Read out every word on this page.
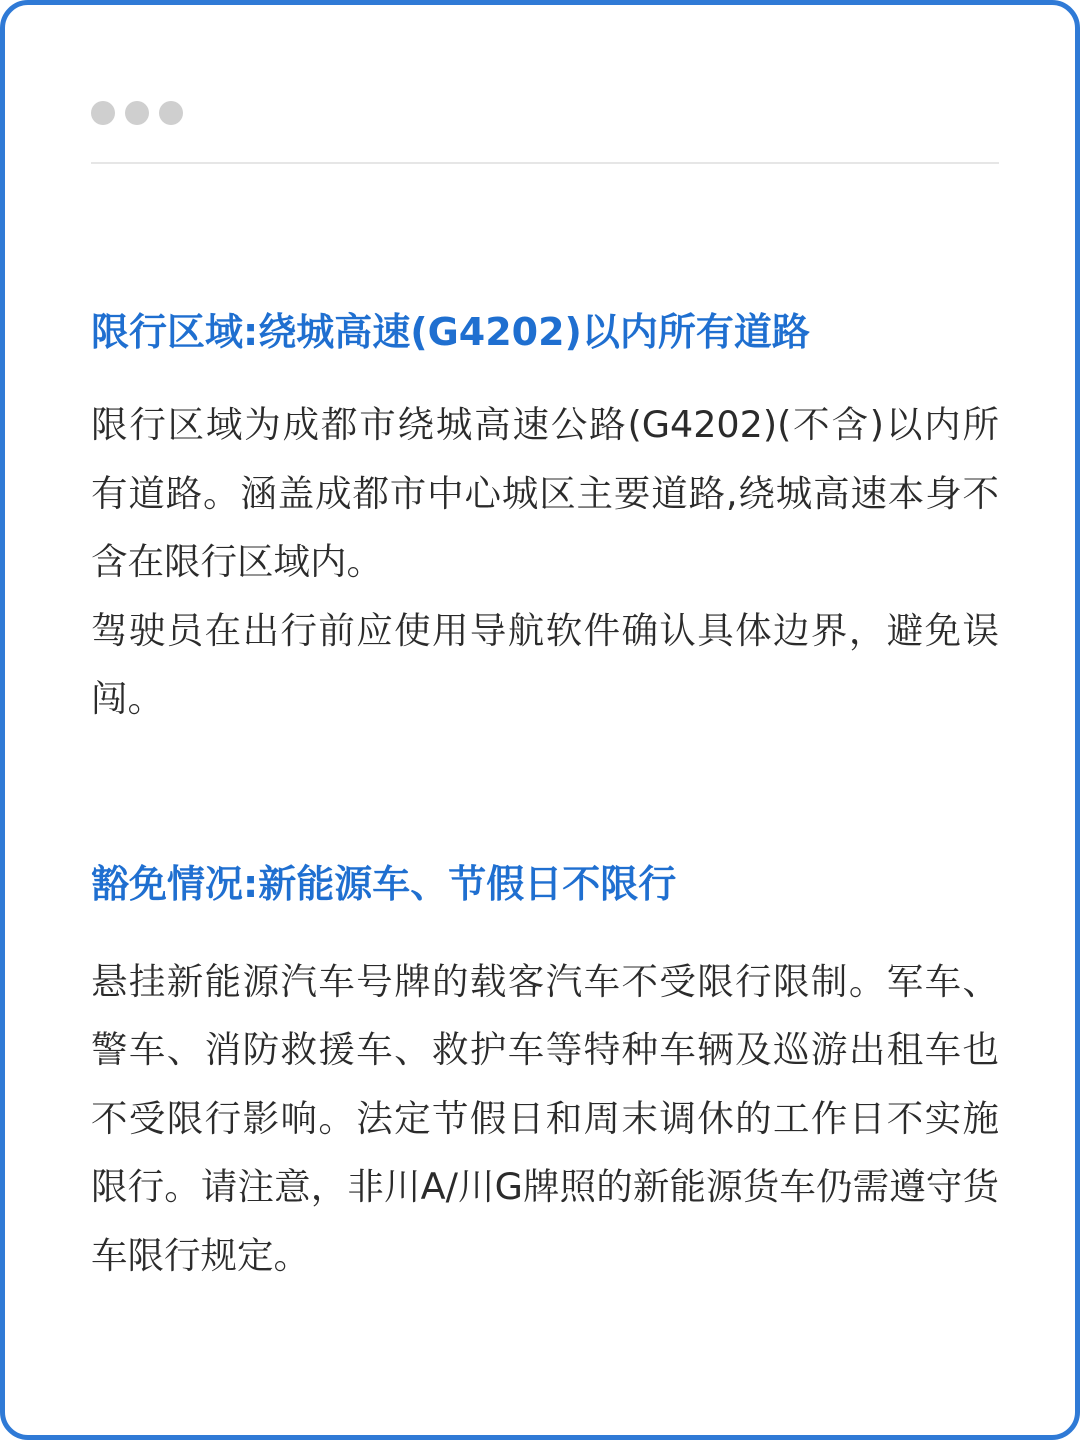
限行区域:绕城高速(G4202)以内所有道路

限行区域为成都市绕城高速公路(G4202)(不含)以内所有道路。涵盖成都市中心城区主要道路,绕城高速本身不含在限行区域内。

驾驶员在出行前应使用导航软件确认具体边界，避免误闯。

豁免情况:新能源车、节假日不限行

悬挂新能源汽车号牌的载客汽车不受限行限制。军车、警车、消防救援车、救护车等特种车辆及巡游出租车也不受限行影响。法定节假日和周末调休的工作日不实施限行。请注意，非川A/川G牌照的新能源货车仍需遵守货车限行规定。
